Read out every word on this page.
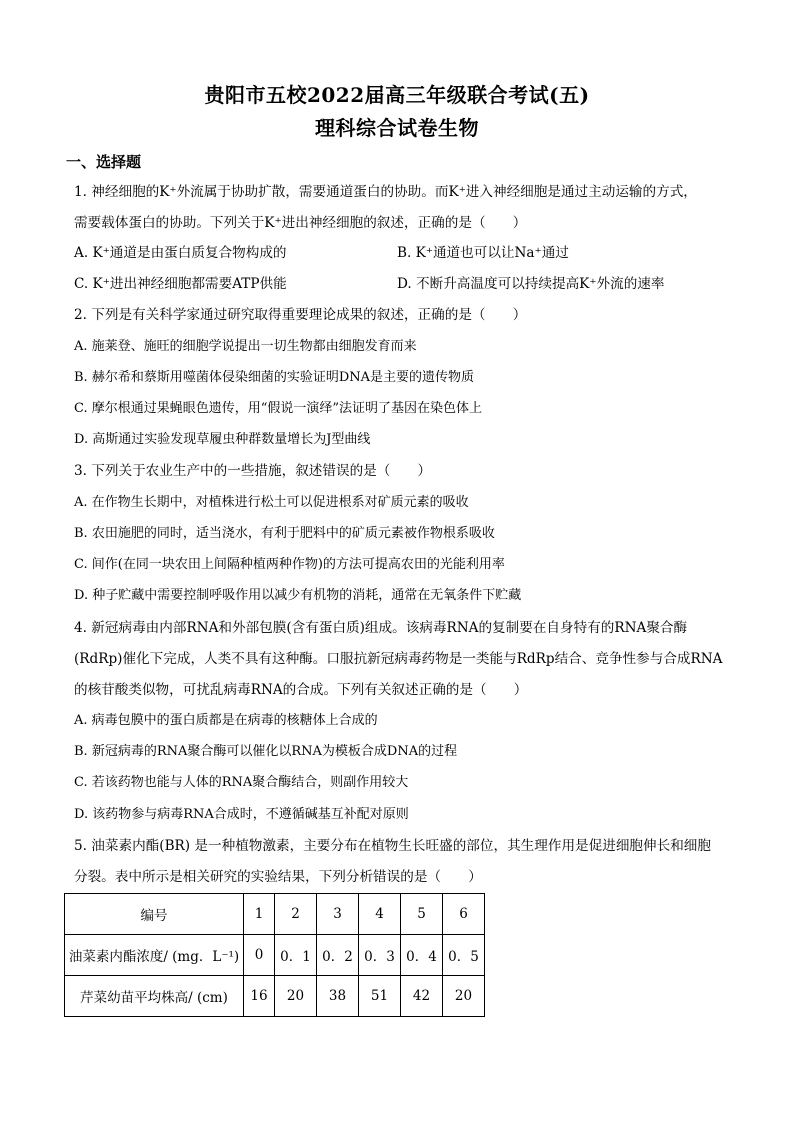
贵阳市五校2022届高三年级联合考试(五)
理科综合试卷生物
一、选择题
1. 神经细胞的K⁺外流属于协助扩散，需要通道蛋白的协助。而K⁺进入神经细胞是通过主动运输的方式，
需要载体蛋白的协助。下列关于K⁺进出神经细胞的叙述，正确的是（　　）
A. K⁺通道是由蛋白质复合物构成的	B. K⁺通道也可以让Na⁺通过
C. K⁺进出神经细胞都需要ATP供能	D. 不断升高温度可以持续提高K⁺外流的速率
2. 下列是有关科学家通过研究取得重要理论成果的叙述，正确的是（　　）
A. 施莱登、施旺的细胞学说提出一切生物都由细胞发育而来
B. 赫尔希和蔡斯用噬菌体侵染细菌的实验证明DNA是主要的遗传物质
C. 摩尔根通过果蝇眼色遗传，用“假说一演绎”法证明了基因在染色体上
D. 高斯通过实验发现草履虫种群数量增长为J型曲线
3. 下列关于农业生产中的一些措施，叙述错误的是（　　）
A. 在作物生长期中，对植株进行松土可以促进根系对矿质元素的吸收
B. 农田施肥的同时，适当浇水，有利于肥料中的矿质元素被作物根系吸收
C. 间作(在同一块农田上间隔种植两种作物)的方法可提高农田的光能利用率
D. 种子贮藏中需要控制呼吸作用以减少有机物的消耗，通常在无氧条件下贮藏
4. 新冠病毒由内部RNA和外部包膜(含有蛋白质)组成。该病毒RNA的复制要在自身特有的RNA聚合酶
(RdRp)催化下完成，人类不具有这种酶。口服抗新冠病毒药物是一类能与RdRp结合、竞争性参与合成RNA
的核苷酸类似物，可扰乱病毒RNA的合成。下列有关叙述正确的是（　　）
A. 病毒包膜中的蛋白质都是在病毒的核糖体上合成的
B. 新冠病毒的RNA聚合酶可以催化以RNA为模板合成DNA的过程
C. 若该药物也能与人体的RNA聚合酶结合，则副作用较大
D. 该药物参与病毒RNA合成时，不遵循碱基互补配对原则
5. 油菜素内酯(BR) 是一种植物激素，主要分布在植物生长旺盛的部位，其生理作用是促进细胞伸长和细胞
分裂。表中所示是相关研究的实验结果，下列分析错误的是（　　）
编号	1	2	3	4	5	6
油菜素内酯浓度/ (mg．L⁻¹)	0	0．1	0．2	0．3	0．4	0．5
芹菜幼苗平均株高/ (cm)	16	20	38	51	42	20
